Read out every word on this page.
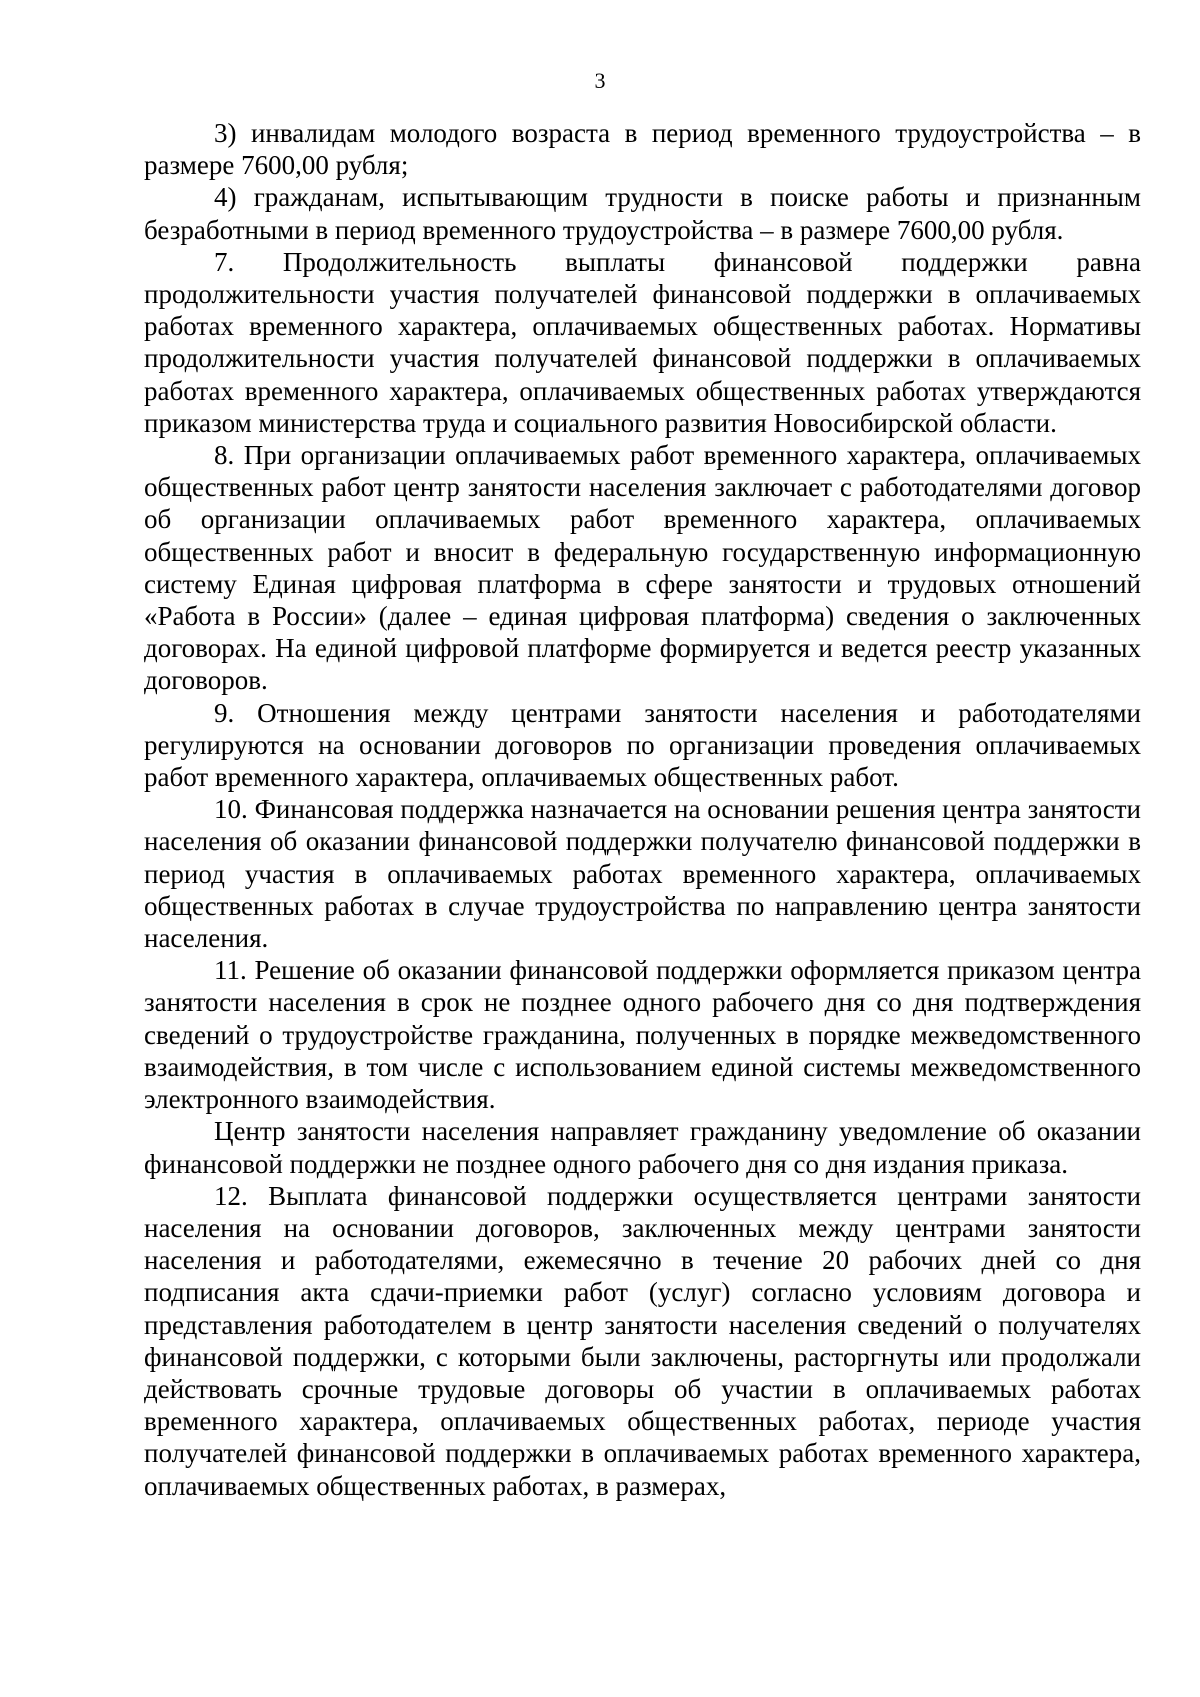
3

3) инвалидам молодого возраста в период временного трудоустройства – в размере 7600,00 рубля;

4) гражданам, испытывающим трудности в поиске работы и признанным безработными в период временного трудоустройства – в размере 7600,00 рубля.

7. Продолжительность выплаты финансовой поддержки равна продолжительности участия получателей финансовой поддержки в оплачиваемых работах временного характера, оплачиваемых общественных работах. Нормативы продолжительности участия получателей финансовой поддержки в оплачиваемых работах временного характера, оплачиваемых общественных работах утверждаются приказом министерства труда и социального развития Новосибирской области.

8. При организации оплачиваемых работ временного характера, оплачиваемых общественных работ центр занятости населения заключает с работодателями договор об организации оплачиваемых работ временного характера, оплачиваемых общественных работ и вносит в федеральную государственную информационную систему Единая цифровая платформа в сфере занятости и трудовых отношений «Работа в России» (далее – единая цифровая платформа) сведения о заключенных договорах. На единой цифровой платформе формируется и ведется реестр указанных договоров.

9. Отношения между центрами занятости населения и работодателями регулируются на основании договоров по организации проведения оплачиваемых работ временного характера, оплачиваемых общественных работ.

10. Финансовая поддержка назначается на основании решения центра занятости населения об оказании финансовой поддержки получателю финансовой поддержки в период участия в оплачиваемых работах временного характера, оплачиваемых общественных работах в случае трудоустройства по направлению центра занятости населения.

11. Решение об оказании финансовой поддержки оформляется приказом центра занятости населения в срок не позднее одного рабочего дня со дня подтверждения сведений о трудоустройстве гражданина, полученных в порядке межведомственного взаимодействия, в том числе с использованием единой системы межведомственного электронного взаимодействия.

Центр занятости населения направляет гражданину уведомление об оказании финансовой поддержки не позднее одного рабочего дня со дня издания приказа.

12. Выплата финансовой поддержки осуществляется центрами занятости населения на основании договоров, заключенных между центрами занятости населения и работодателями, ежемесячно в течение 20 рабочих дней со дня подписания акта сдачи-приемки работ (услуг) согласно условиям договора и представления работодателем в центр занятости населения сведений о получателях финансовой поддержки, с которыми были заключены, расторгнуты или продолжали действовать срочные трудовые договоры об участии в оплачиваемых работах временного характера, оплачиваемых общественных работах, периоде участия получателей финансовой поддержки в оплачиваемых работах временного характера, оплачиваемых общественных работах, в размерах,
